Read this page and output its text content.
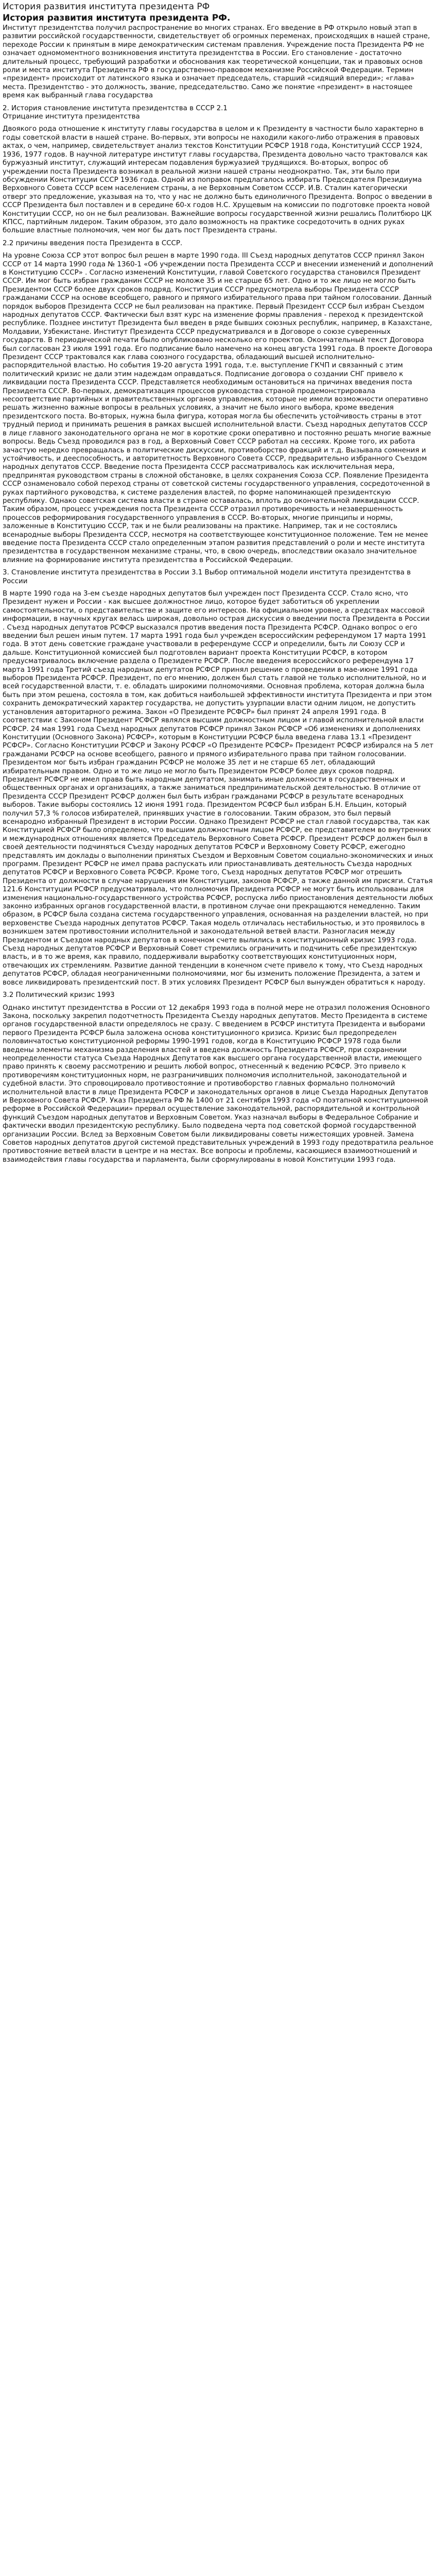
История развития института президента РФ
История развития института президента РФ.

Институт президентства получил распространение во многих странах. Его введение в РФ открыло новый этап в развитии российской государственности, свидетельствует об огромных переменах, происходящих в нашей стране, переходе России к принятым в мире демократическим системам правления. Учреждение поста Президента РФ не означает одномоментного возникновения института президентства в России. Его становление - достаточно длительный процесс, требующий разработки и обоснования как теоретической концепции, так и правовых основ роли и места института Президента РФ в государственно-правовом механизме Российской Федерации. Термин «президент» происходит от латинского языка и означает председатель, старший «сидящий впереди»; «глава» места. Президентство - это должность, звание, председательство. Само же понятие «президент» в настоящее время как выбранный глава государства

2. История становление института президентства в СССР 2.1
Отрицание института президентства

Двоякого рода отношение к институту главы государства в целом и к Президенту в частности было характерно в годы советской власти в нашей стране. Во-первых, эти вопросы не находили какого-либо отражения в правовых актах, о чем, например, свидетельствует анализ текстов Конституции РСФСР 1918 года, Конституций СССР 1924, 1936, 1977 годов. В научной литературе институт главы государства, Президента довольно часто трактовался как буржуазный институт, служащий интересам подавления буржуазией трудящихся. Во-вторых, вопрос об учреждении поста Президента возникал в реальной жизни нашей страны неоднократно. Так, эти было при обсуждении Конституции СССР 1936 года. Одной из поправок предлагалось избирать Председателя Президиума Верховного Совета СССР всем населением страны, а не Верховным Советом СССР. И.В. Сталин категорически отверг это предложение, указывая на то, что у нас не должно быть единоличного Президента. Вопрос о введении в СССР Президента был поставлен и в середине 60-х годов Н.С. Хрущевым на комиссии по подготовке проекта новой Конституции СССР, но он не был реализован. Важнейшие вопросы государственной жизни решались Политбюро ЦК КПСС, партийным лидером. Таким образом, это дало возможность на практике сосредоточить в одних руках большие властные полномочия, чем мог бы дать пост Президента страны.

2.2 причины введения поста Президента в СССР.

На уровне Союза ССР этот вопрос был решен в марте 1990 года. III Съезд народных депутатов СССР принял Закон СССР от 14 марта 1990 года № 1360-1 «Об учреждении поста Президента СССР и внесении изменений и дополнений в Конституцию СССР» . Согласно изменений Конституции, главой Советского государства становился Президент СССР. Им мог быть избран гражданин СССР не моложе 35 и не старше 65 лет. Одно и то же лицо не могло быть Президентом СССР более двух сроков подряд. Конституция СССР предусмотрела выборы Президента СССР гражданами СССР на основе всеобщего, равного и прямого избирательного права при тайном голосовании. Данный порядок выборов Президента СССР не был реализован на практике. Первый Президент СССР был избран Съездом народных депутатов СССР. Фактически был взят курс на изменение формы правления - переход к президентской республике. Позднее институт Президента был введен в ряде бывших союзных республик, например, в Казахстане, Молдавии, Узбекистане. Институт Президента СССР предусматривался и в Договоре о союзе суверенных государств. В периодической печати было опубликовано несколько его проектов. Окончательный текст Договора был согласован 23 июля 1991 года. Его подписание было намечено на конец августа 1991 года. В проекте Договора Президент СССР трактовался как глава союзного государства, обладающий высшей исполнительно-распорядительной властью. Но события 19-20 августа 1991 года, т.е. выступление ГКЧП и связанный с этим политический кризис не дали этим надеждам оправдаться. Подписание договора о создании СНГ привело к ликвидации поста Президента СССР. Представляется необходимым остановиться на причинах введения поста Президента СССР. Во-первых, демократизация процессов руководства страной продемонстрировала несоответствие партийных и правительственных органов управления, которые не имели возможности оперативно решать жизненно важные вопросы в реальных условиях, а значит не было иного выбора, кроме введения президентского поста. Во-вторых, нужна была фигура, которая могла бы обеспечить устойчивость страны в этот трудный период и принимать решения в рамках высшей исполнительной власти. Съезд народных депутатов СССР в лице главного законодательного органа не мог в короткие сроки оперативно и постоянно решать многие важные вопросы. Ведь Съезд проводился раз в год, а Верховный Совет СССР работал на сессиях. Кроме того, их работа зачастую нередко превращалась в политические дискуссии, противоборство фракций и т.д. Вызывала сомнения и устойчивость, и дееспособность, и авторитетность Верховного Совета СССР, предварительно избранного Съездом народных депутатов СССР. Введение поста Президента СССР рассматривалось как исключительная мера, предпринятая руководством страны в сложной обстановке, в целях сохранения Союза ССР. Появление Президента СССР ознаменовало собой переход страны от советской системы государственного управления, сосредоточенной в руках партийного руководства, к системе разделения властей, по форме напоминающей президентскую республику. Однако советская система власти в стране оставалась, вплоть до окончательной ликвидации СССР. Таким образом, процесс учреждения поста Президента СССР отразил противоречивость и незавершенность процессов реформирования государственного управления в СССР. Во-вторых, многие принципы и нормы, заложенные в Конституцию СССР, так и не были реализованы на практике. Например, так и не состоялись всенародные выборы Президента СССР, несмотря на соответствующее конституционное положение. Тем не менее введение поста Президента СССР стало определенным этапом развития представлений о роли и месте института президентства в государственном механизме страны, что, в свою очередь, впоследствии оказало значительное влияние на формирование института президентства в Российской Федерации.

3. Становление института президентства в России 3.1 Выбор оптимальной модели института президентства в России

В марте 1990 года на 3-ем съезде народных депутатов был учрежден пост Президента СССР. Стало ясно, что Президент нужен и России - как высшее должностное лицо, которое будет заботиться об укреплении самостоятельности, о представительстве и защите его интересов. На официальном уровне, а средствах массовой информации, в научных кругах велась широкая, довольно острая дискуссия о введении поста Президента в России . Съезд народных депутатов РСФСР высказался против введения поста Президента РСФСР. Однако вопрос о его введении был решен иным путем. 17 марта 1991 года был учрежден всероссийским референдумом 17 марта 1991 года. В этот день советские граждане участвовали в референдуме СССР и определили, быть ли Союзу ССР и дальше. Конституционной комиссией был подготовлен вариант проекта Конституции РСФСР, в котором предусматривалось включение раздела о Президенте РСФСР. После введения всероссийского референдума 17 марта 1991 года Третий съезд народных депутатов РСФСР принял решение о проведении в мае-июне 1991 года выборов Президента РСФСР. Президент, по его мнению, должен был стать главой не только исполнительной, но и всей государственной власти, т. е. обладать широкими полномочиями. Основная проблема, которая должна была быть при этом решена, состояла в том, как добиться наибольшей эффективности института Президента и при этом сохранить демократический характер государства, не допустить узурпации власти одним лицом, не допустить установления авторитарного режима. Закон «О Президенте РСФСР» был принят 24 апреля 1991 года. В соответствии с Законом Президент РСФСР являлся высшим должностным лицом и главой исполнительной власти РСФСР. 24 мая 1991 года Съезд народных депутатов РСФСР принял Закон РСФСР «Об изменениях и дополнениях Конституции (Основного Закона) РСФСР», которым в Конституции РСФСР была введена глава 13.1 «Президент РСФСР». Согласно Конституции РСФСР и Закону РСФСР «О Президенте РСФСР» Президент РСФСР избирался на 5 лет гражданами РСФСР на основе всеобщего, равного и прямого избирательного права при тайном голосовании. Президентом мог быть избран гражданин РСФСР не моложе 35 лет и не старше 65 лет, обладающий избирательным правом. Одно и то же лицо не могло быть Президентом РСФСР более двух сроков подряд. Президент РСФСР не имел права быть народным депутатом, занимать иные должности в государственных и общественных органах и организациях, а также заниматься предпринимательской деятельностью. В отличие от Президента СССР Президент РСФСР должен был быть избран гражданами РСФСР в результате всенародных выборов. Такие выборы состоялись 12 июня 1991 года. Президентом РСФСР был избран Б.Н. Ельцин, который получил 57,3 % голосов избирателей, принявших участие в голосовании. Таким образом, это был первый всенародно избранный Президент в истории России. Однако Президент РСФСР не стал главой государства, так как Конституцией РСФСР было определено, что высшим должностным лицом РСФСР, ее представителем во внутренних и международных отношениях является Председатель Верховного Совета РСФСР. Президент РСФСР должен был в своей деятельности подчиняться Съезду народных депутатов РСФСР и Верховному Совету РСФСР, ежегодно представлять им доклады о выполнении принятых Съездом и Верховным Советом социально-экономических и иных программ. Президент РСФСР не имел права распускать или приостанавливать деятельность Съезда народных депутатов РСФСР и Верховного Совета РСФСР. Кроме того, Съезд народных депутатов РСФСР мог отрешить Президента от должности в случае нарушения им Конституции, законов РСФСР, а также данной им присяги. Статья 121.6 Конституции РСФСР предусматривала, что полномочия Президента РСФСР не могут быть использованы для изменения национально-государственного устройства РСФСР, роспуска либо приостановления деятельности любых законно избранных органов государственной власти, в противном случае они прекращаются немедленно. Таким образом, в РСФСР была создана система государственного управления, основанная на разделении властей, но при верховенстве Съезда народных депутатов РСФСР. Такая модель отличалась нестабильностью, и это проявилось в возникшем затем противостоянии исполнительной и законодательной ветвей власти. Разногласия между Президентом и Съездом народных депутатов в конечном счете вылились в конституционный кризис 1993 года. Съезд народных депутатов РСФСР и Верховный Совет стремились ограничить и подчинить себе президентскую власть, и в то же время, как правило, поддерживали выработку соответствующих конституционных норм, отвечающих их стремлениям. Развитие данной тенденции в конечном счете привело к тому, что Съезд народных депутатов РСФСР, обладая неограниченными полномочиями, мог бы изменить положение Президента, а затем и вовсе ликвидировать президентский пост. В этих условиях Президент РСФСР был вынужден обратиться к народу.

3.2 Политический кризис 1993

Однако институт президентства в России от 12 декабря 1993 года в полной мере не отразил положения Основного Закона, поскольку закрепил подотчетность Президента Съезду народных депутатов. Место Президента в системе органов государственной власти определялось не сразу. С введением в РСФСР института Президента и выборами первого Президента РСФСР была заложена основа конституционного кризиса. Кризис был предопределен половинчатостью конституционной реформы 1990-1991 годов, когда в Конституцию РСФСР 1978 года были введены элементы механизма разделения властей и введена должность Президента РСФСР, при сохранении неопределенности статуса Съезда Народных Депутатов как высшего органа государственной власти, имеющего право принять к своему рассмотрению и решить любой вопрос, отнесенный к ведению РСФСР. Это привело к противоречиям конституционных норм, не разграничивших полномочия исполнительной, законодательной и судебной власти. Это спровоцировало противостояние и противоборство главных формально полномочий исполнительной власти в лице Президента РСФСР и законодательных органов в лице Съезда Народных Депутатов и Верховного Совета РСФСР. Указ Президента РФ № 1400 от 21 сентября 1993 года «О поэтапной конституционной реформе в Российской Федерации» прервал осуществление законодательной, распорядительной и контрольной функций Съездом народных депутатов и Верховным Советом. Указ назначал выборы в Федеральное Собрание и фактически вводил президентскую республику. Было подведена черта под советской формой государственной организации России. Вслед за Верховным Советом были ликвидированы советы нижестоящих уровней. Замена Советов народных депутатов другой системой представительных учреждений в 1993 году предотвратила реальное противостояние ветвей власти в центре и на местах. Все вопросы и проблемы, касающиеся взаимоотношений и взаимодействия главы государства и парламента, были сформулированы в новой Конституции 1993 года.
